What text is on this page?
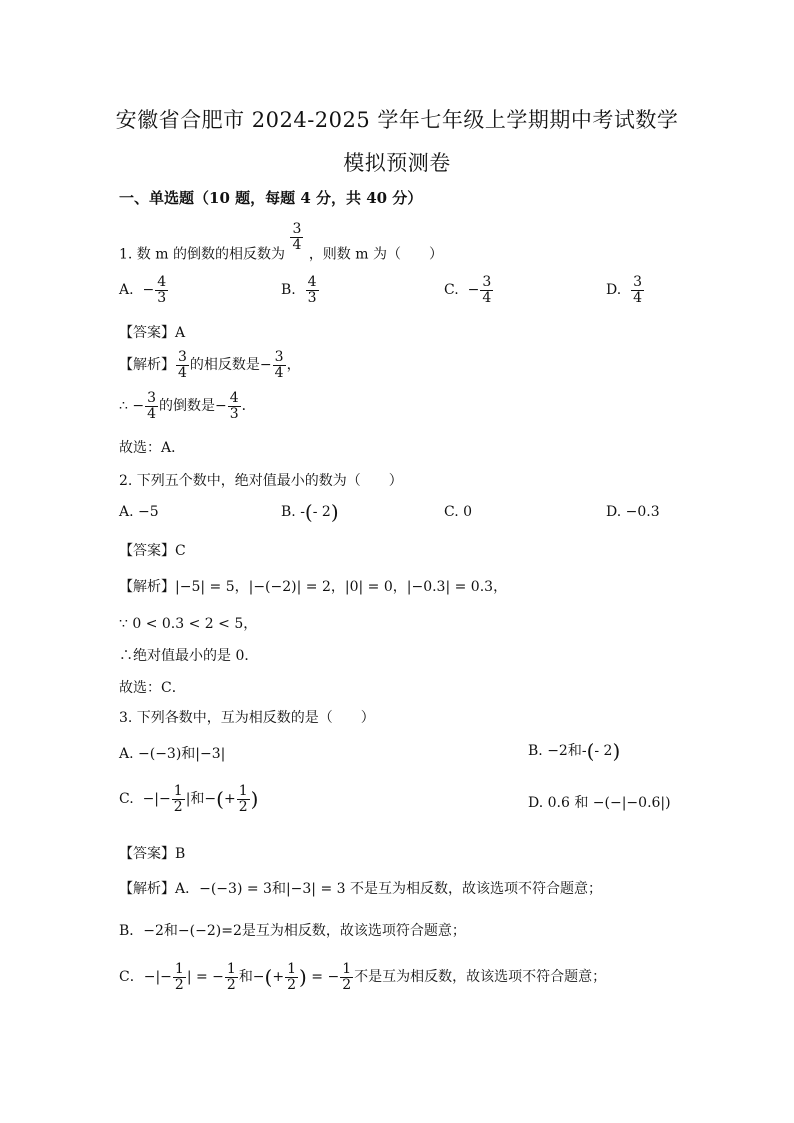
安徽省合肥市 2024-2025 学年七年级上学期期中考试数学
模拟预测卷
一、单选题（10 题，每题 4 分，共 40 分）
1. 数 m 的倒数的相反数为
$\frac{3}{4}$
，则数 m 为（　　）
A. − $\frac{4}{3}$	B. $\frac{4}{3}$	C. − $\frac{3}{4}$	D. $\frac{3}{4}$
【答案】A
【解析】 $\frac{3}{4}$ 的相反数是− $\frac{3}{4}$ ，
∴ − $\frac{3}{4}$ 的倒数是− $\frac{4}{3}$ ．
故选：A．
2. 下列五个数中，绝对值最小的数为（　　）
A. −5	B. -(- 2)	C. 0	D. −0.3
【答案】C
【解析】|−5| = 5，|−(−2)| = 2，|0| = 0，|−0.3| = 0.3，
∵ 0 < 0.3 < 2 < 5，
∴绝对值最小的是 0．
故选：C．
3. 下列各数中，互为相反数的是（　　）
A. −(−3)和|−3|	B. −2和-(- 2)
C. −|− $\frac{1}{2}$ |和−(+ $\frac{1}{2}$ )	D. 0.6 和 −(−|−0.6|)
【答案】B
【解析】A．−(−3) = 3和|−3| = 3 不是互为相反数，故该选项不符合题意；
B．−2和−(−2)=2是互为相反数，故该选项符合题意；
C．−|− $\frac{1}{2}$ | = − $\frac{1}{2}$ 和−(+ $\frac{1}{2}$ ) = − $\frac{1}{2}$ 不是互为相反数，故该选项不符合题意；
